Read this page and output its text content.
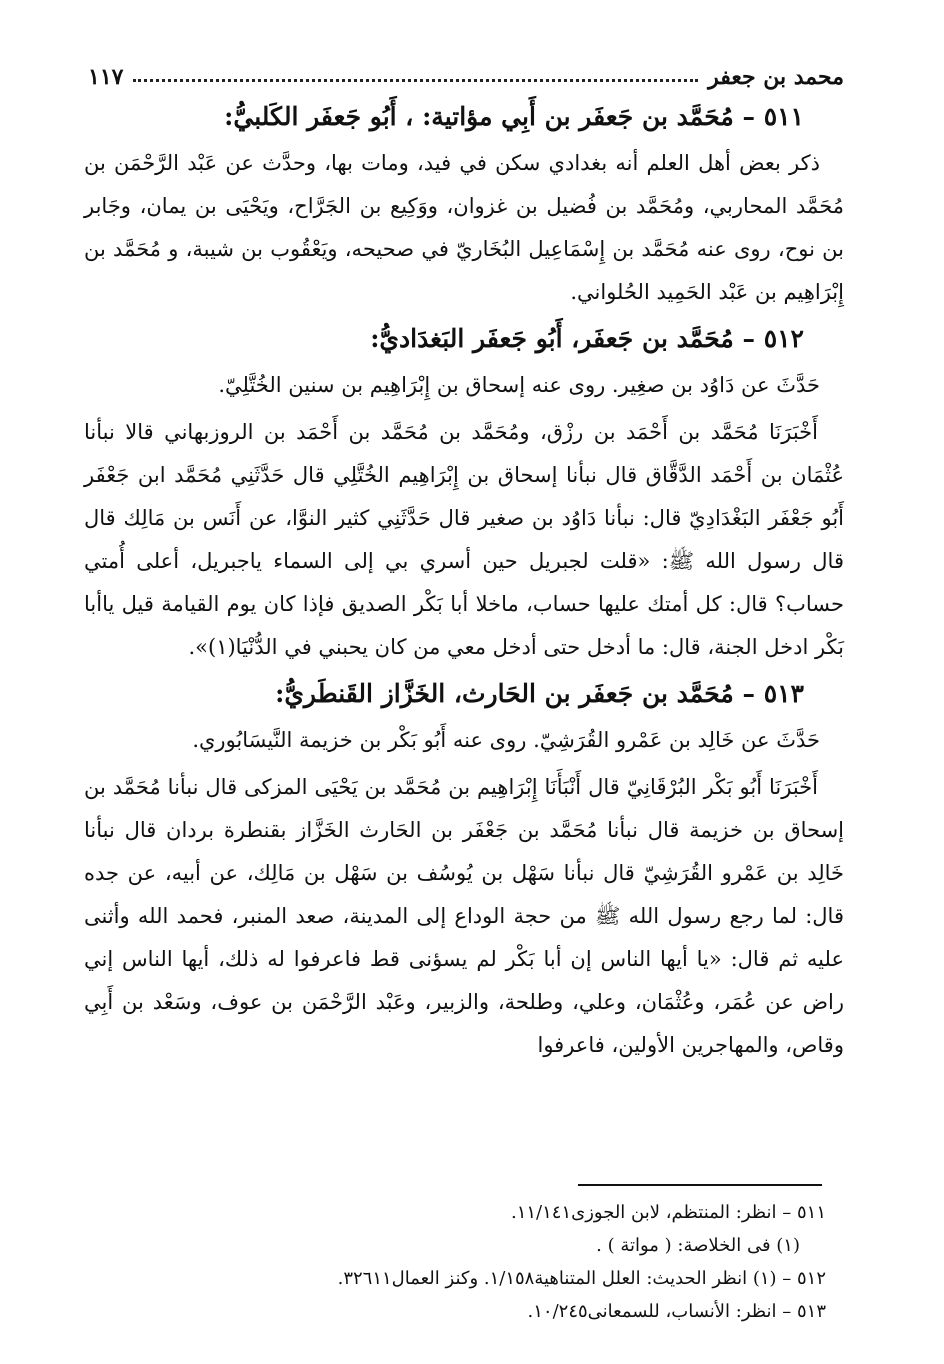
محمد بن جعفر
١١٧
٥١١ – مُحَمَّد بن جَعفَر بن أَبِي مؤاتية: ، أَبُو جَعفَر الكَلبيُّ:

ذكر بعض أهل العلم أنه بغدادي سكن في فيد، ومات بها، وحدَّث عن عَبْد الرَّحْمَن بن مُحَمَّد المحاربي، ومُحَمَّد بن فُضيل بن غزوان، ووَكِيع بن الجَرَّاح، ويَحْيَى بن يمان، وجَابر بن نوح، روى عنه مُحَمَّد بن إِسْمَاعِيل البُخَاريّ في صحيحه، ويَعْقُوب بن شيبة، و مُحَمَّد بن إِبْرَاهِيم بن عَبْد الحَمِيد الحُلواني.

٥١٢ – مُحَمَّد بن جَعفَر، أَبُو جَعفَر البَغدَاديُّ:

حَدَّثَ عن دَاوُد بن صغِير. روى عنه إسحاق بن إِبْرَاهِيم بن سنين الخُتَّلِيّ.

أَخْبَرَنَا مُحَمَّد بن أَحْمَد بن رزْق، ومُحَمَّد بن مُحَمَّد بن أَحْمَد بن الروزبهاني قالا نبأنا عُثْمَان بن أَحْمَد الدَّقَّاق قال نبأنا إسحاق بن إِبْرَاهِيم الخُتَّلِي قال حَدَّثَنِي مُحَمَّد ابن جَعْفَر أَبُو جَعْفَر البَغْدَادِيّ قال: نبأنا دَاوُد بن صغير قال حَدَّثَنِي كثير النوَّا، عن أَنَس بن مَالِك قال قال رسول الله ﷺ: «قلت لجبريل حين أسري بي إلى السماء ياجبريل، أعلى أُمتي حساب؟ قال: كل أمتك عليها حساب، ماخلا أبا بَكْر الصديق فإذا كان يوم القيامة قيل ياأبا بَكْر ادخل الجنة، قال: ما أدخل حتى أدخل معي من كان يحبني في الدُّنْيَا(١)».

٥١٣ – مُحَمَّد بن جَعفَر بن الحَارث، الخَزَّاز القَنطَريُّ:

حَدَّثَ عن خَالِد بن عَمْرو القُرَشِيّ. روى عنه أَبُو بَكْر بن خزيمة النَّيسَابُوري.

أَخْبَرَنَا أَبُو بَكْر البُرْقَانِيّ قال أَنْبَأَنَا إِبْرَاهِيم بن مُحَمَّد بن يَحْيَى المزكى قال نبأنا مُحَمَّد بن إسحاق بن خزيمة قال نبأنا مُحَمَّد بن جَعْفَر بن الحَارث الخَزَّاز بقنطرة بردان قال نبأنا خَالِد بن عَمْرو القُرَشِيّ قال نبأنا سَهْل بن يُوسُف بن سَهْل بن مَالِك، عن أبيه، عن جده قال: لما رجع رسول الله ﷺ من حجة الوداع إلى المدينة، صعد المنبر، فحمد الله وأثنى عليه ثم قال: «يا أيها الناس إن أبا بَكْر لم يسؤنى قط فاعرفوا له ذلك، أيها الناس إني راض عن عُمَر، وعُثْمَان، وعلي، وطلحة، والزبير، وعَبْد الرَّحْمَن بن عوف، وسَعْد بن أَبِي وقاص، والمهاجرين الأولين، فاعرفوا

٥١١ – انظر: المنتظم، لابن الجوزى١١/١٤١.
(١) فى الخلاصة: ( مواتة ) .
٥١٢ – (١) انظر الحديث: العلل المتناهية١/١٥٨. وكنز العمال٣٢٦١١.
٥١٣ – انظر: الأنساب، للسمعانى١٠/٢٤٥.
